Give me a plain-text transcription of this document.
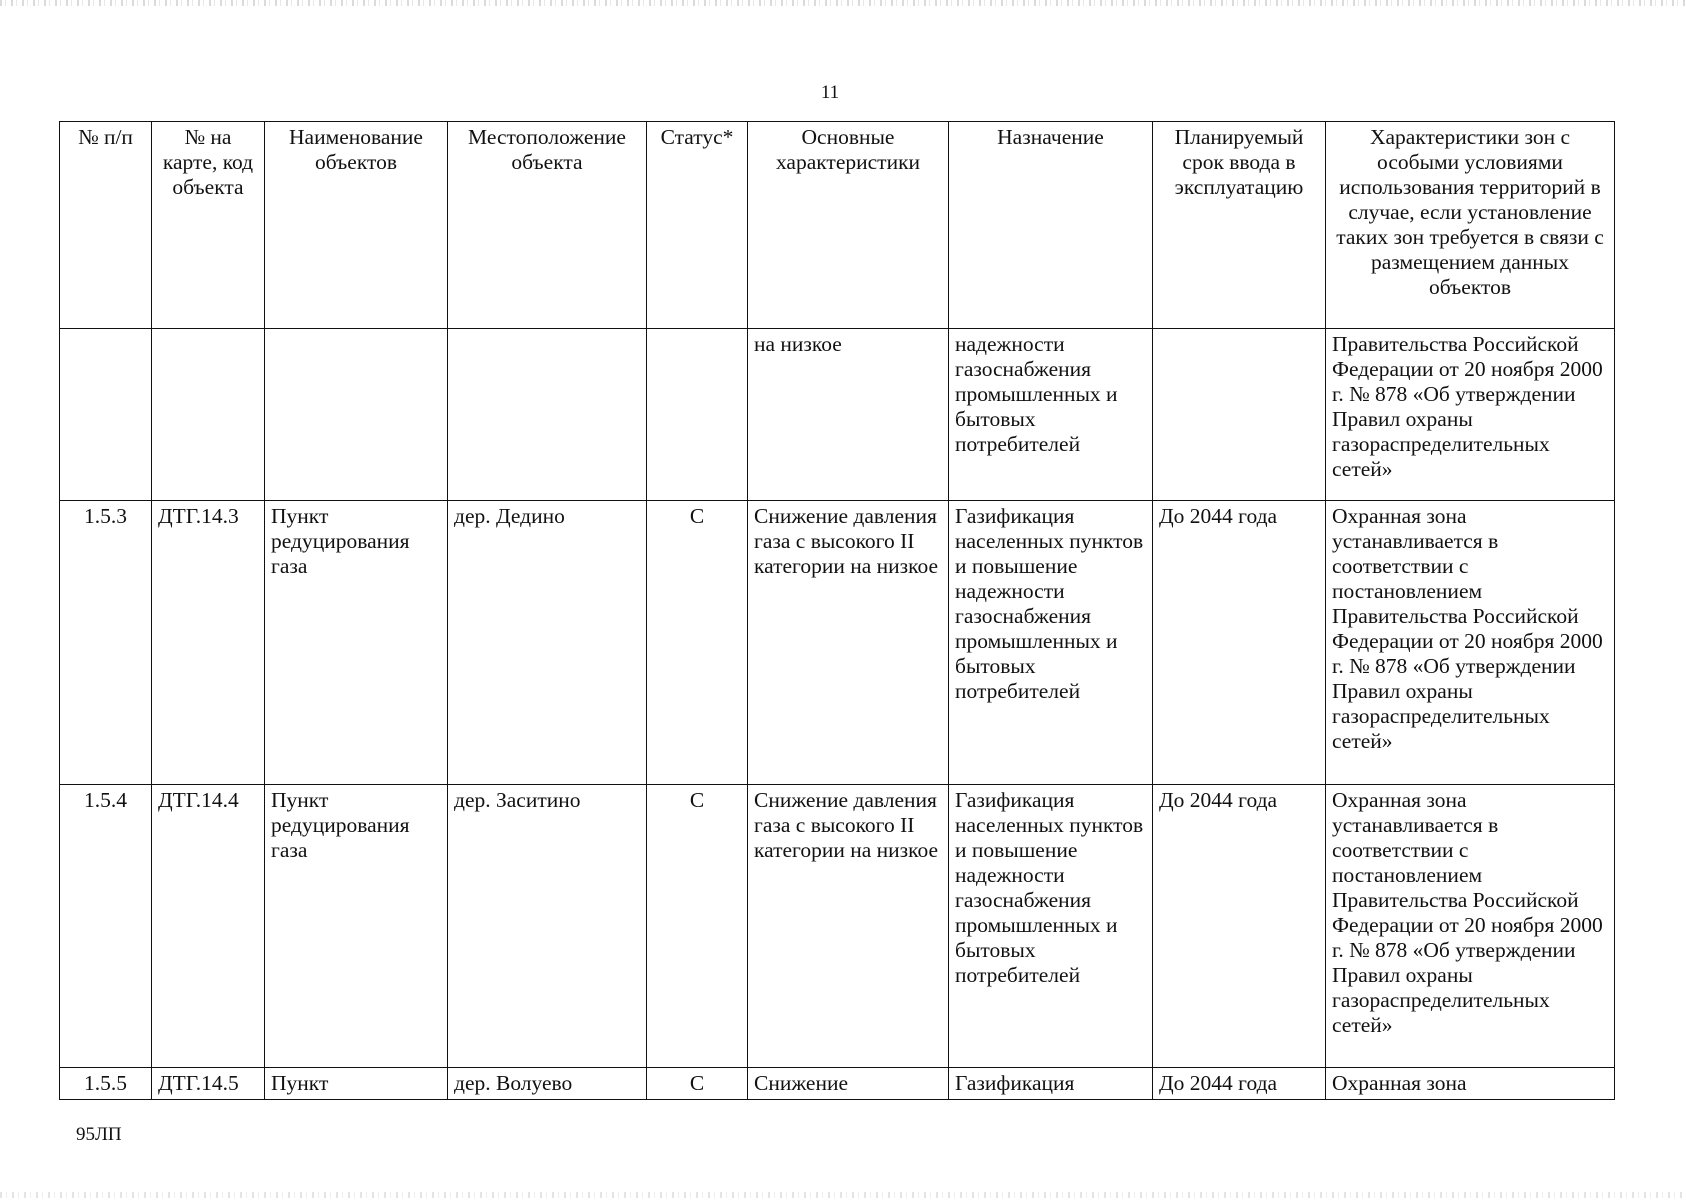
11
№ п/п	№ на карте, код объекта	Наименование объектов	Местоположение объекта	Статус*	Основные характеристики	Назначение	Планируемый срок ввода в эксплуатацию	Характеристики зон с особыми условиями использования территорий в случае, если установление таких зон требуется в связи с размещением данных объектов
					на низкое	надежности газоснабжения промышленных и бытовых потребителей		Правительства Российской Федерации от 20 ноября 2000 г. № 878 «Об утверждении Правил охраны газораспределительных сетей»
1.5.3	ДТГ.14.3	Пункт редуцирования газа	дер. Дедино	С	Снижение давления газа с высокого II категории на низкое	Газификация населенных пунктов и повышение надежности газоснабжения промышленных и бытовых потребителей	До 2044 года	Охранная зона устанавливается в соответствии с постановлением Правительства Российской Федерации от 20 ноября 2000 г. № 878 «Об утверждении Правил охраны газораспределительных сетей»
1.5.4	ДТГ.14.4	Пункт редуцирования газа	дер. Заситино	С	Снижение давления газа с высокого II категории на низкое	Газификация населенных пунктов и повышение надежности газоснабжения промышленных и бытовых потребителей	До 2044 года	Охранная зона устанавливается в соответствии с постановлением Правительства Российской Федерации от 20 ноября 2000 г. № 878 «Об утверждении Правил охраны газораспределительных сетей»
1.5.5	ДТГ.14.5	Пункт	дер. Волуево	С	Снижение	Газификация	До 2044 года	Охранная зона
95ЛП
